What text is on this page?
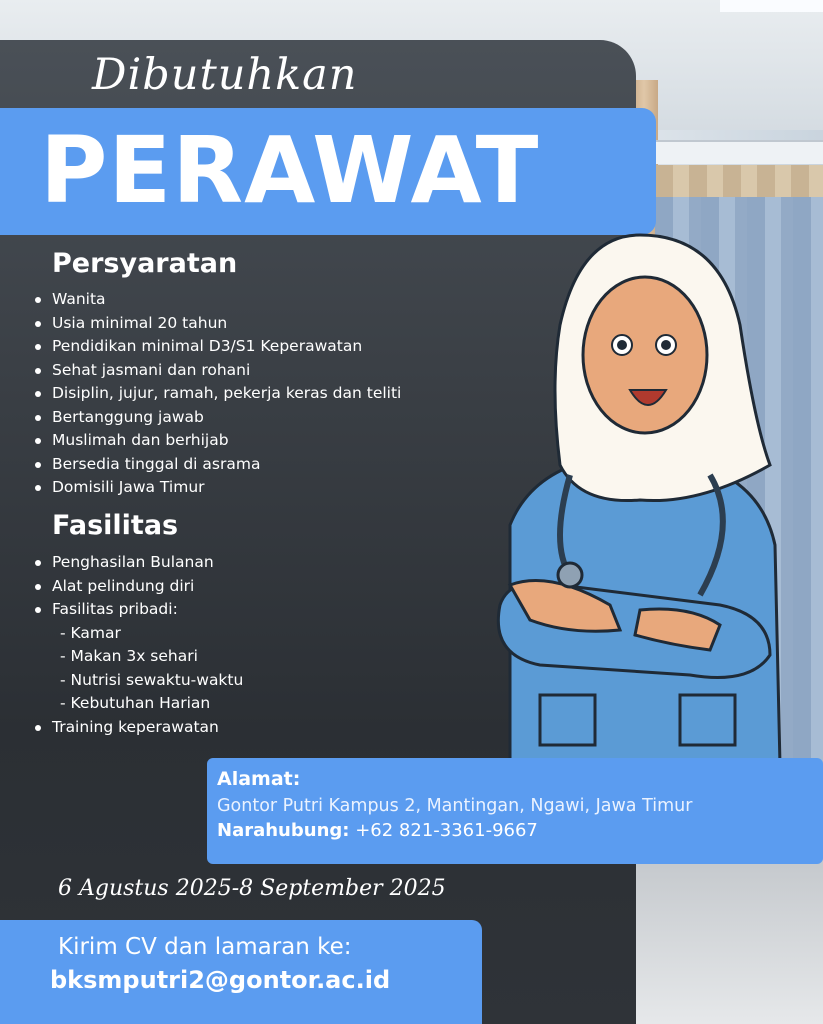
Dibutuhkan
PERAWAT
Persyaratan
Wanita
Usia minimal 20 tahun
Pendidikan minimal D3/S1 Keperawatan
Sehat jasmani dan rohani
Disiplin, jujur, ramah, pekerja keras dan teliti
Bertanggung jawab
Muslimah dan berhijab
Bersedia tinggal di asrama
Domisili Jawa Timur
Fasilitas
Penghasilan Bulanan
Alat pelindung diri
Fasilitas pribadi:
- Kamar
- Makan 3x sehari
- Nutrisi sewaktu-waktu
- Kebutuhan Harian
Training keperawatan
Alamat:
Gontor Putri Kampus 2, Mantingan, Ngawi, Jawa Timur
Narahubung: +62 821-3361-9667
6 Agustus 2025-8 September 2025
Kirim CV dan lamaran ke:
bksmputri2@gontor.ac.id
